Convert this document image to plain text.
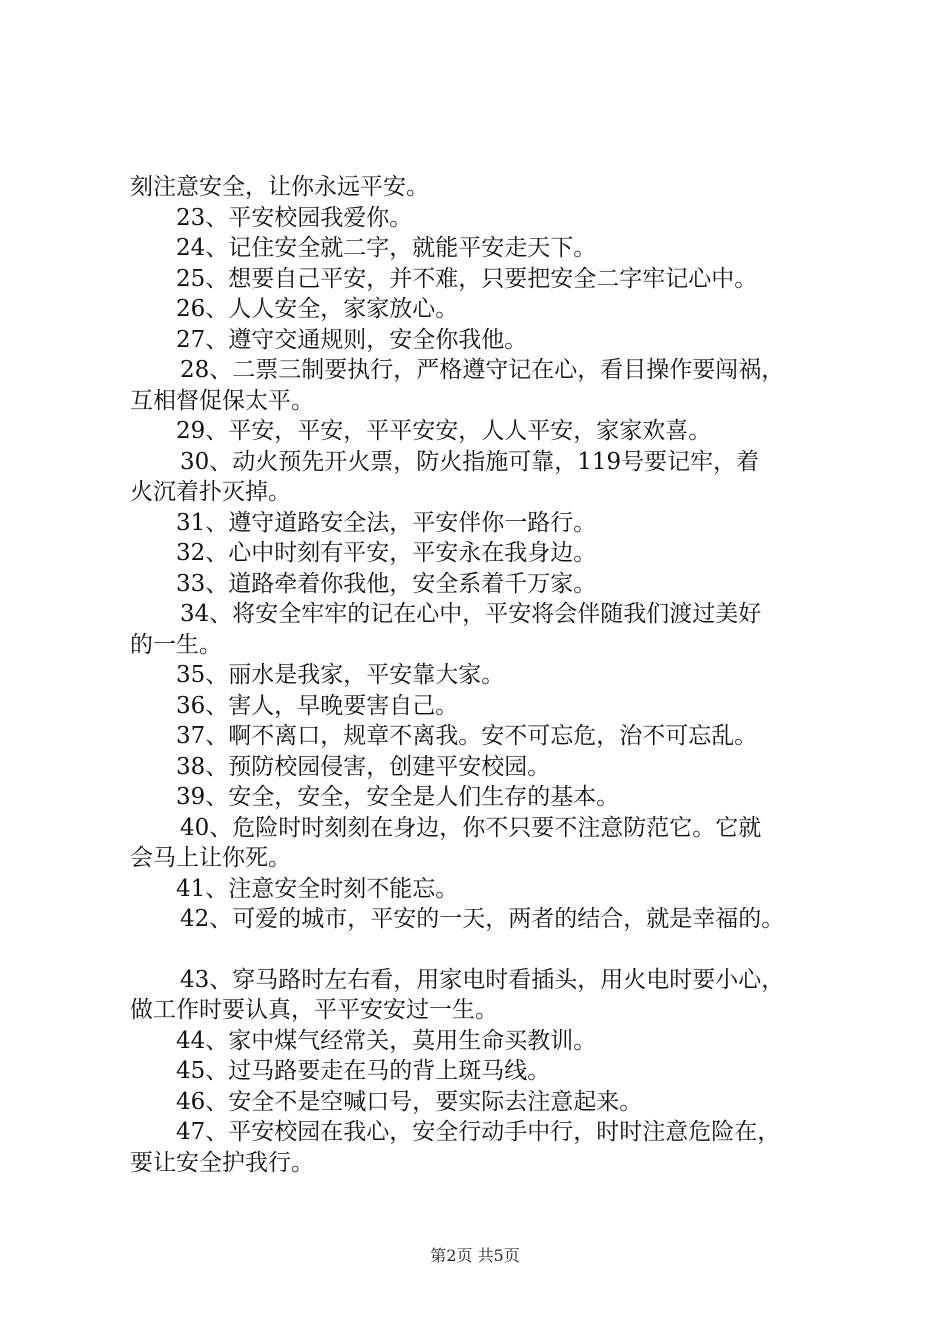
刻注意安全，让你永远平安。
23、平安校园我爱你。
24、记住安全就二字，就能平安走天下。
25、想要自己平安，并不难，只要把安全二字牢记心中。
26、人人安全，家家放心。
27、遵守交通规则，安全你我他。
28、二票三制要执行，严格遵守记在心，看目操作要闯祸，
互相督促保太平。
29、平安，平安，平平安安，人人平安，家家欢喜。
30、动火预先开火票，防火指施可靠，119号要记牢，着
火沉着扑灭掉。
31、遵守道路安全法，平安伴你一路行。
32、心中时刻有平安，平安永在我身边。
33、道路牵着你我他，安全系着千万家。
34、将安全牢牢的记在心中，平安将会伴随我们渡过美好
的一生。
35、丽水是我家，平安靠大家。
36、害人，早晚要害自己。
37、啊不离口，规章不离我。安不可忘危，治不可忘乱。
38、预防校园侵害，创建平安校园。
39、安全，安全，安全是人们生存的基本。
40、危险时时刻刻在身边，你不只要不注意防范它。它就
会马上让你死。
41、注意安全时刻不能忘。
42、可爱的城市，平安的一天，两者的结合，就是幸福的。
43、穿马路时左右看，用家电时看插头，用火电时要小心，
做工作时要认真，平平安安过一生。
44、家中煤气经常关，莫用生命买教训。
45、过马路要走在马的背上斑马线。
46、安全不是空喊口号，要实际去注意起来。
47、平安校园在我心，安全行动手中行，时时注意危险在，
要让安全护我行。
第2页 共5页
